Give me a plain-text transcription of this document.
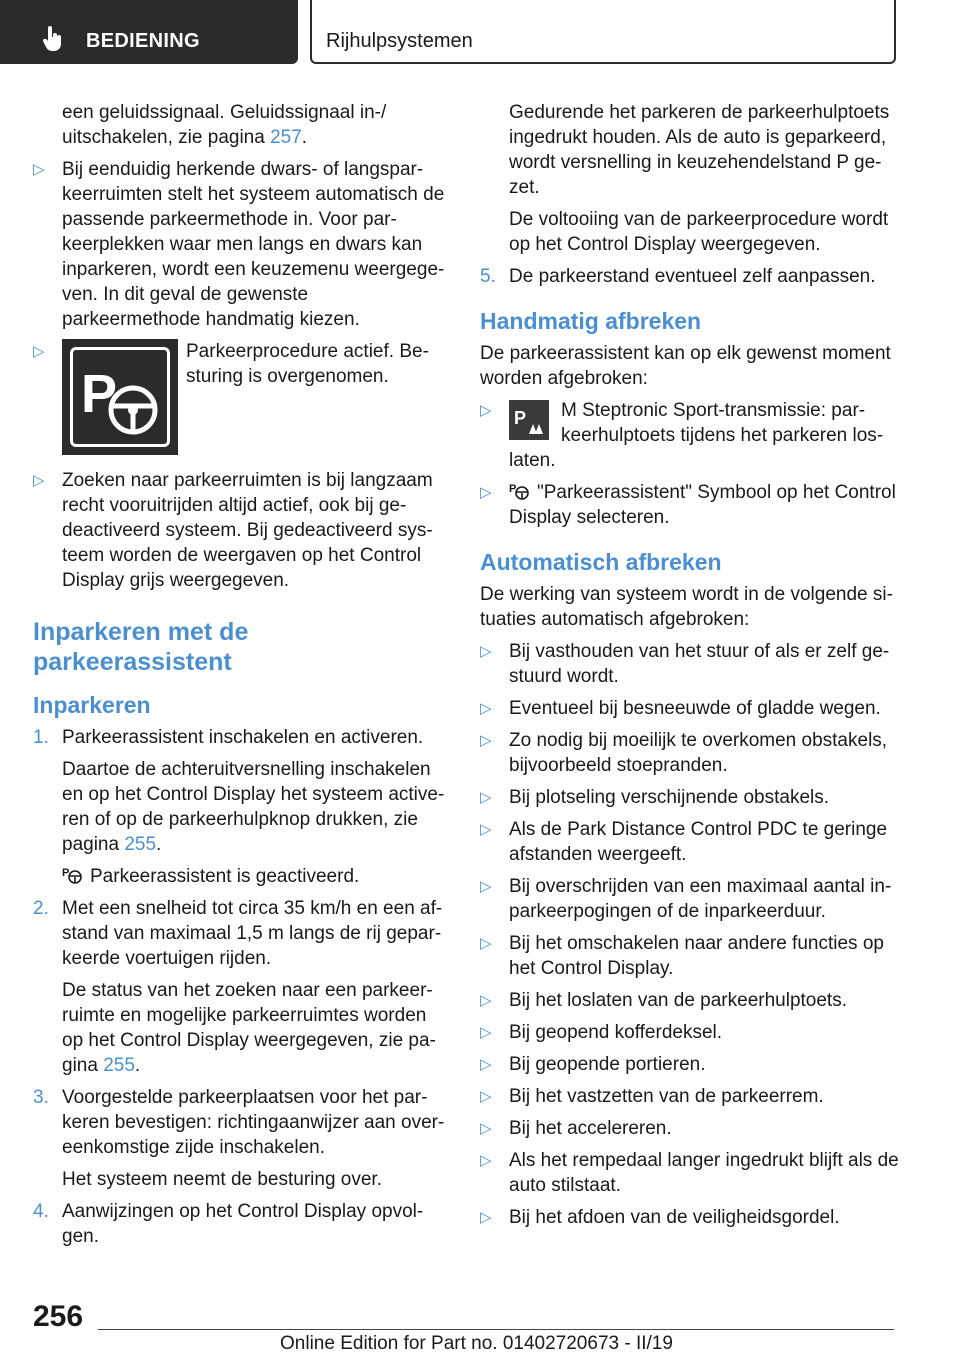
BEDIENING	Rijhulpsystemen

een geluidssignaal. Geluidssignaal in-/ uitschakelen, zie pagina 257.

▷ Bij eenduidig herkende dwars- of langsparkeerruimten stelt het systeem automatisch de passende parkeermethode in. Voor parkeerplekken waar men langs en dwars kan inparkeren, wordt een keuzemenu weergegeven. In dit geval de gewenste parkeermethode handmatig kiezen.

▷
P

Parkeerprocedure actief. Besturing is overgenomen.

▷ Zoeken naar parkeerruimten is bij langzaam recht vooruitrijden altijd actief, ook bij gedeactiveerd systeem. Bij gedeactiveerd systeem worden de weergaven op het Control Display grijs weergegeven.

Inparkeren met de parkeerassistent
Inparkeren
1. Parkeerassistent inschakelen en activeren.

Daartoe de achteruitversnelling inschakelen en op het Control Display het systeem activeren of op de parkeerhulpknop drukken, zie pagina 255.

P Parkeerassistent is geactiveerd.

2. Met een snelheid tot circa 35 km/h en een afstand van maximaal 1,5 m langs de rij geparkeerde voertuigen rijden.

De status van het zoeken naar een parkeerruimte en mogelijke parkeerruimtes worden op het Control Display weergegeven, zie pagina 255.

3. Voorgestelde parkeerplaatsen voor het parkeren bevestigen: richtingaanwijzer aan overeenkomstige zijde inschakelen.

Het systeem neemt de besturing over.

4. Aanwijzingen op het Control Display opvolgen.

Gedurende het parkeren de parkeerhulptoets ingedrukt houden. Als de auto is geparkeerd, wordt versnelling in keuzehendelstand P gezet.

De voltooiing van de parkeerprocedure wordt op het Control Display weergegeven.

5. De parkeerstand eventueel zelf aanpassen.

Handmatig afbreken

De parkeerassistent kan op elk gewenst moment worden afgebroken:

▷ P	M Steptronic Sport-transmissie: parkeerhulptoets tijdens het parkeren loslaten.

▷ P "Parkeerassistent" Symbool op het Control Display selecteren.

Automatisch afbreken

De werking van systeem wordt in de volgende situaties automatisch afgebroken:

▷ Bij vasthouden van het stuur of als er zelf gestuurd wordt.

▷ Eventueel bij besneeuwde of gladde wegen.

▷ Zo nodig bij moeilijk te overkomen obstakels, bijvoorbeeld stoepranden.

▷ Bij plotseling verschijnende obstakels.

▷ Als de Park Distance Control PDC te geringe afstanden weergeeft.

▷ Bij overschrijden van een maximaal aantal inparkeerpogingen of de inparkeerduur.

▷ Bij het omschakelen naar andere functies op het Control Display.

▷ Bij het loslaten van de parkeerhulptoets.

▷ Bij geopend kofferdeksel.

▷ Bij geopende portieren.

▷ Bij het vastzetten van de parkeerrem.

▷ Bij het accelereren.

▷ Als het rempedaal langer ingedrukt blijft als de auto stilstaat.

▷ Bij het afdoen van de veiligheidsgordel.

256
Online Edition for Part no. 01402720673 - II/19
